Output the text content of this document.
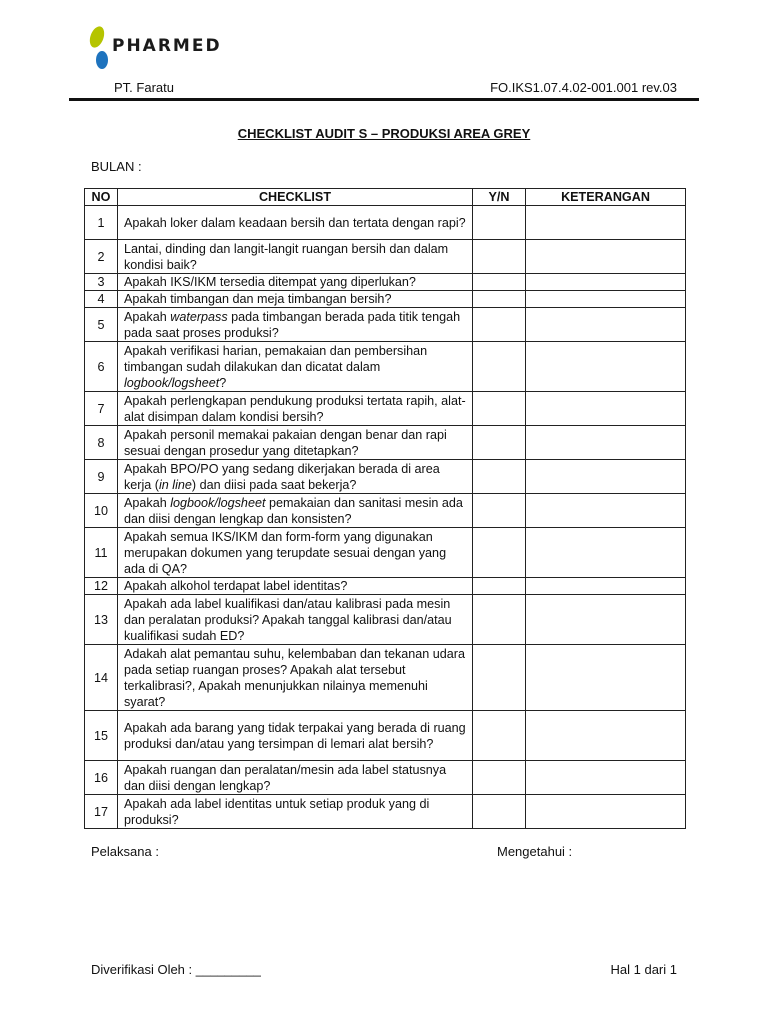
PHARMED
PT. Faratu	FO.IKS1.07.4.02-001.001 rev.03
CHECKLIST AUDIT S – PRODUKSI AREA GREY
BULAN :
NO	CHECKLIST	Y/N	KETERANGAN
1	Apakah loker dalam keadaan bersih dan tertata dengan rapi?		
2	Lantai, dinding dan langit-langit ruangan bersih dan dalam kondisi baik?		
3	Apakah IKS/IKM tersedia ditempat yang diperlukan?		
4	Apakah timbangan dan meja timbangan bersih?		
5	Apakah waterpass pada timbangan berada pada titik tengah pada saat proses produksi?		
6	Apakah verifikasi harian, pemakaian dan pembersihan timbangan sudah dilakukan dan dicatat dalam logbook/logsheet?		
7	Apakah perlengkapan pendukung produksi tertata rapih, alat-alat disimpan dalam kondisi bersih?		
8	Apakah personil memakai pakaian dengan benar dan rapi sesuai dengan prosedur yang ditetapkan?		
9	Apakah BPO/PO yang sedang dikerjakan berada di area kerja (in line) dan diisi pada saat bekerja?		
10	Apakah logbook/logsheet pemakaian dan sanitasi mesin ada dan diisi dengan lengkap dan konsisten?		
11	Apakah semua IKS/IKM dan form-form yang digunakan merupakan dokumen yang terupdate sesuai dengan yang ada di QA?		
12	Apakah alkohol terdapat label identitas?		
13	Apakah ada label kualifikasi dan/atau kalibrasi pada mesin dan peralatan produksi? Apakah tanggal kalibrasi dan/atau kualifikasi sudah ED?		
14	Adakah alat pemantau suhu, kelembaban dan tekanan udara pada setiap ruangan proses? Apakah alat tersebut terkalibrasi?, Apakah menunjukkan nilainya memenuhi syarat?		
15	Apakah ada barang yang tidak terpakai yang berada di ruang produksi dan/atau yang tersimpan di lemari alat bersih?		
16	Apakah ruangan dan peralatan/mesin ada label statusnya dan diisi dengan lengkap?		
17	Apakah ada label identitas untuk setiap produk yang di produksi?		
Pelaksana :	Mengetahui :
Diverifikasi Oleh : _________	Hal 1 dari 1
